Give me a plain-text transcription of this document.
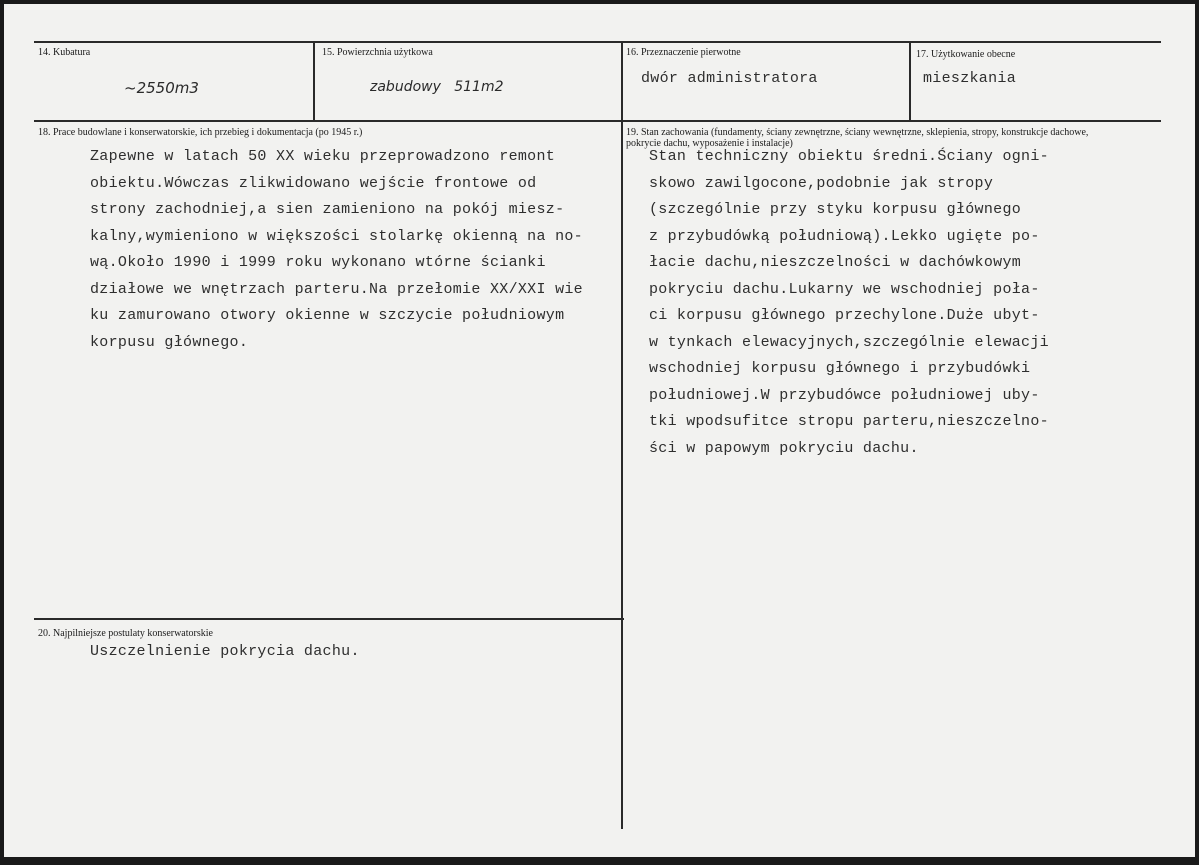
14. Kubatura
~2550m3
15. Powierzchnia użytkowa
zabudowy   511m2
16. Przeznaczenie pierwotne
dwór administratora
17. Użytkowanie obecne
mieszkania
18. Prace budowlane i konserwatorskie, ich przebieg i dokumentacja (po 1945 r.)
Zapewne w latach 50 XX wieku przeprowadzono remont
obiektu.Wówczas zlikwidowano wejście frontowe od
strony zachodniej,a sien zamieniono na pokój miesz-
kalny,wymieniono w większości stolarkę okienną na no-
wą.Około 1990 i 1999 roku wykonano wtórne ścianki
działowe we wnętrzach parteru.Na przełomie XX/XXI wie
ku zamurowano otwory okienne w szczycie południowym
korpusu głównego.
19. Stan zachowania (fundamenty, ściany zewnętrzne, ściany wewnętrzne, sklepienia, stropy, konstrukcje dachowe,
pokrycie dachu, wyposażenie i instalacje)
Stan techniczny obiektu średni.Ściany ogni-
skowo zawilgocone,podobnie jak stropy
(szczególnie przy styku korpusu głównego
z przybudówką południową).Lekko ugięte po-
łacie dachu,nieszczelności w dachówkowym
pokryciu dachu.Lukarny we wschodniej poła-
ci korpusu głównego przechylone.Duże ubyt-
w tynkach elewacyjnych,szczególnie elewacji
wschodniej korpusu głównego i przybudówki
południowej.W przybudówce południowej uby-
tki wpodsufitce stropu parteru,nieszczelno-
ści w papowym pokryciu dachu.
20. Najpilniejsze postulaty konserwatorskie
Uszczelnienie pokrycia dachu.
